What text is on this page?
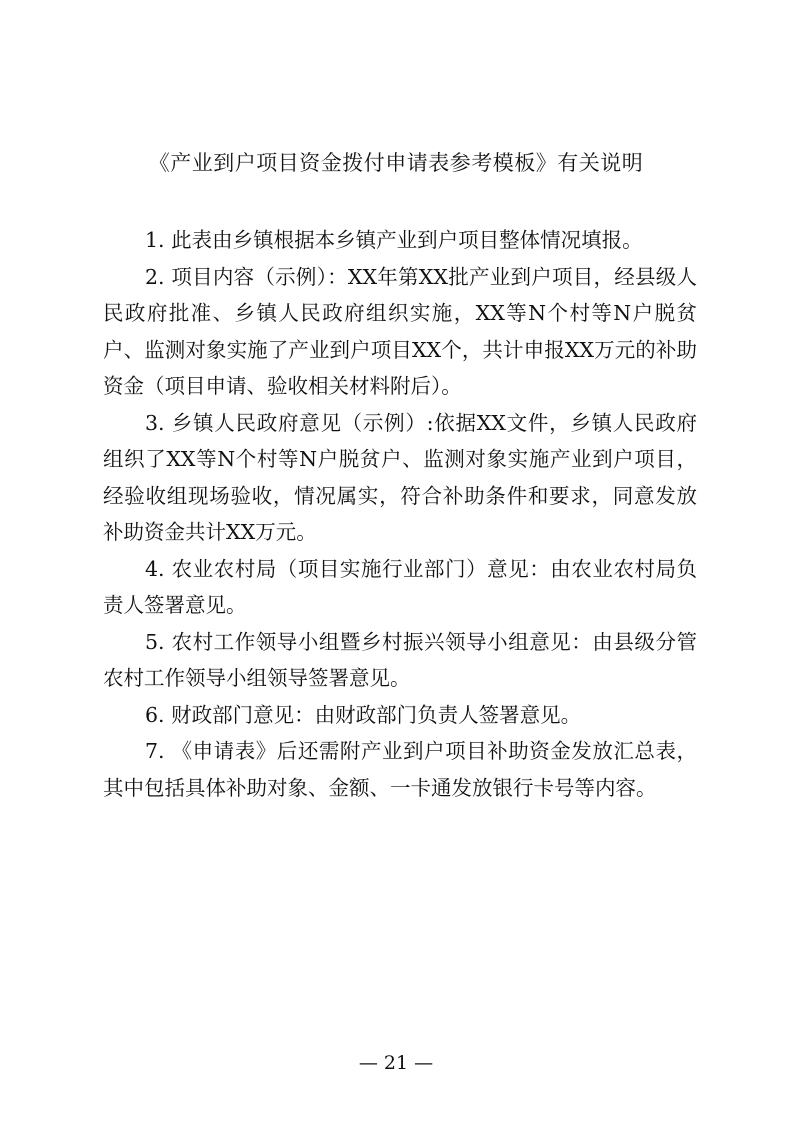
《产业到户项目资金拨付申请表参考模板》有关说明

1. 此表由乡镇根据本乡镇产业到户项目整体情况填报。

2. 项目内容（示例）：XX年第XX批产业到户项目，经县级人民政府批准、乡镇人民政府组织实施，XX等N个村等N户脱贫户、监测对象实施了产业到户项目XX个，共计申报XX万元的补助资金（项目申请、验收相关材料附后）。

3. 乡镇人民政府意见（示例）:依据XX文件，乡镇人民政府组织了XX等N个村等N户脱贫户、监测对象实施产业到户项目，经验收组现场验收，情况属实，符合补助条件和要求，同意发放补助资金共计XX万元。

4. 农业农村局（项目实施行业部门）意见：由农业农村局负责人签署意见。

5. 农村工作领导小组暨乡村振兴领导小组意见：由县级分管农村工作领导小组领导签署意见。

6. 财政部门意见：由财政部门负责人签署意见。

7. 《申请表》后还需附产业到户项目补助资金发放汇总表，其中包括具体补助对象、金额、一卡通发放银行卡号等内容。

— 21 —
